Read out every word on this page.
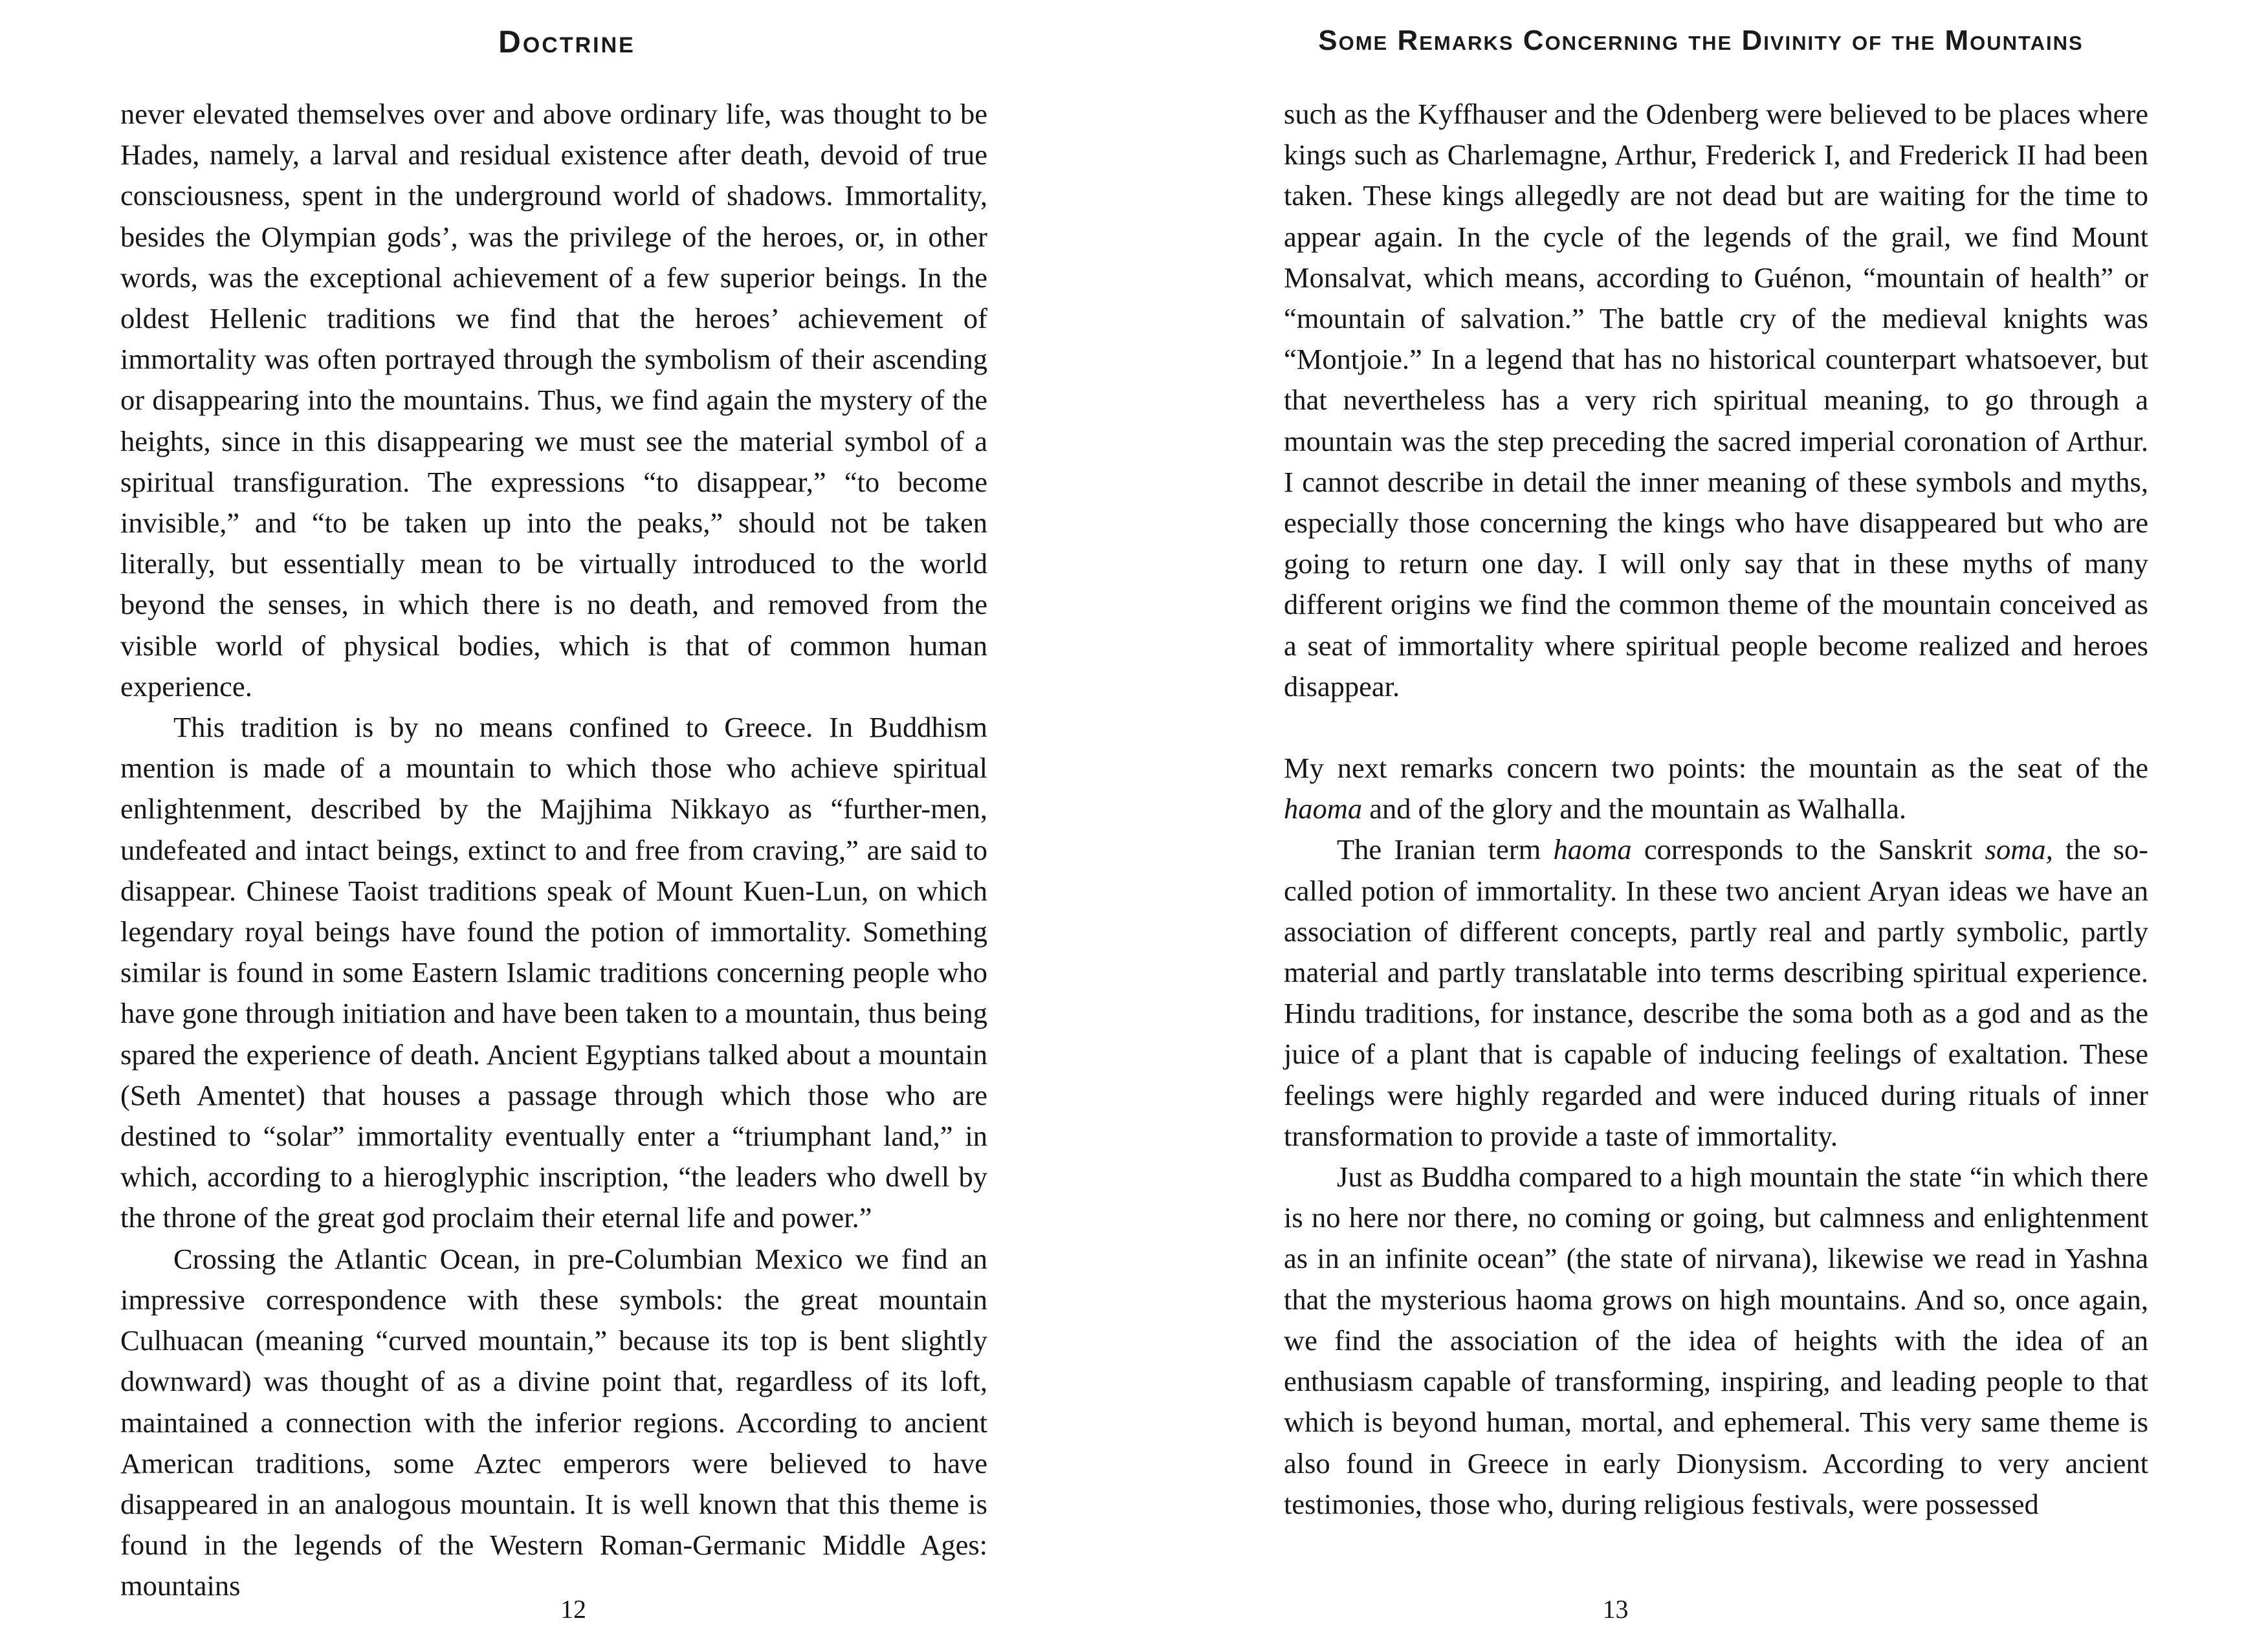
Doctrine

never elevated themselves over and above ordinary life, was thought to be Hades, namely, a larval and residual existence after death, devoid of true consciousness, spent in the underground world of shadows. Immortality, besides the Olympian gods’, was the privilege of the heroes, or, in other words, was the exceptional achievement of a few superior beings. In the oldest Hellenic traditions we find that the heroes’ achievement of immortality was often portrayed through the symbolism of their ascending or disappearing into the mountains. Thus, we find again the mystery of the heights, since in this disappearing we must see the material symbol of a spiritual transfiguration. The expressions “to disappear,” “to become invisible,” and “to be taken up into the peaks,” should not be taken literally, but essentially mean to be virtually introduced to the world beyond the senses, in which there is no death, and removed from the visible world of physical bodies, which is that of common human experience.

This tradition is by no means confined to Greece. In Buddhism mention is made of a mountain to which those who achieve spiritual enlightenment, described by the Majjhima Nikkayo as “further-men, undefeated and intact beings, extinct to and free from craving,” are said to disappear. Chinese Taoist traditions speak of Mount Kuen-Lun, on which legendary royal beings have found the potion of immortality. Something similar is found in some Eastern Islamic traditions concerning people who have gone through initiation and have been taken to a mountain, thus being spared the experience of death. Ancient Egyptians talked about a mountain (Seth Amentet) that houses a passage through which those who are destined to “solar” immortality eventually enter a “triumphant land,” in which, according to a hieroglyphic inscription, “the leaders who dwell by the throne of the great god proclaim their eternal life and power.”

Crossing the Atlantic Ocean, in pre-Columbian Mexico we find an impressive correspondence with these symbols: the great mountain Culhuacan (meaning “curved mountain,” because its top is bent slightly downward) was thought of as a divine point that, regardless of its loft, maintained a connection with the inferior regions. According to ancient American traditions, some Aztec emperors were believed to have disappeared in an analogous mountain. It is well known that this theme is found in the legends of the Western Roman-Germanic Middle Ages: mountains

12
Some Remarks Concerning the Divinity of the Mountains

such as the Kyffhauser and the Odenberg were believed to be places where kings such as Charlemagne, Arthur, Frederick I, and Frederick II had been taken. These kings allegedly are not dead but are waiting for the time to appear again. In the cycle of the legends of the grail, we find Mount Monsalvat, which means, according to Guénon, “mountain of health” or “mountain of salvation.” The battle cry of the medieval knights was “Montjoie.” In a legend that has no historical counterpart whatsoever, but that nevertheless has a very rich spiritual meaning, to go through a mountain was the step preceding the sacred imperial coronation of Arthur. I cannot describe in detail the inner meaning of these symbols and myths, especially those concerning the kings who have disappeared but who are going to return one day. I will only say that in these myths of many different origins we find the common theme of the mountain conceived as a seat of immortality where spiritual people become realized and heroes disappear.

My next remarks concern two points: the mountain as the seat of the haoma and of the glory and the mountain as Walhalla.

The Iranian term haoma corresponds to the Sanskrit soma, the so-called potion of immortality. In these two ancient Aryan ideas we have an association of different concepts, partly real and partly symbolic, partly material and partly translatable into terms describing spiritual experience. Hindu traditions, for instance, describe the soma both as a god and as the juice of a plant that is capable of inducing feelings of exaltation. These feelings were highly regarded and were induced during rituals of inner transformation to provide a taste of immortality.

Just as Buddha compared to a high mountain the state “in which there is no here nor there, no coming or going, but calmness and enlightenment as in an infinite ocean” (the state of nirvana), likewise we read in Yashna that the mysterious haoma grows on high mountains. And so, once again, we find the association of the idea of heights with the idea of an enthusiasm capable of transforming, inspiring, and leading people to that which is beyond human, mortal, and ephemeral. This very same theme is also found in Greece in early Dionysism. According to very ancient testimonies, those who, during religious festivals, were possessed

13
